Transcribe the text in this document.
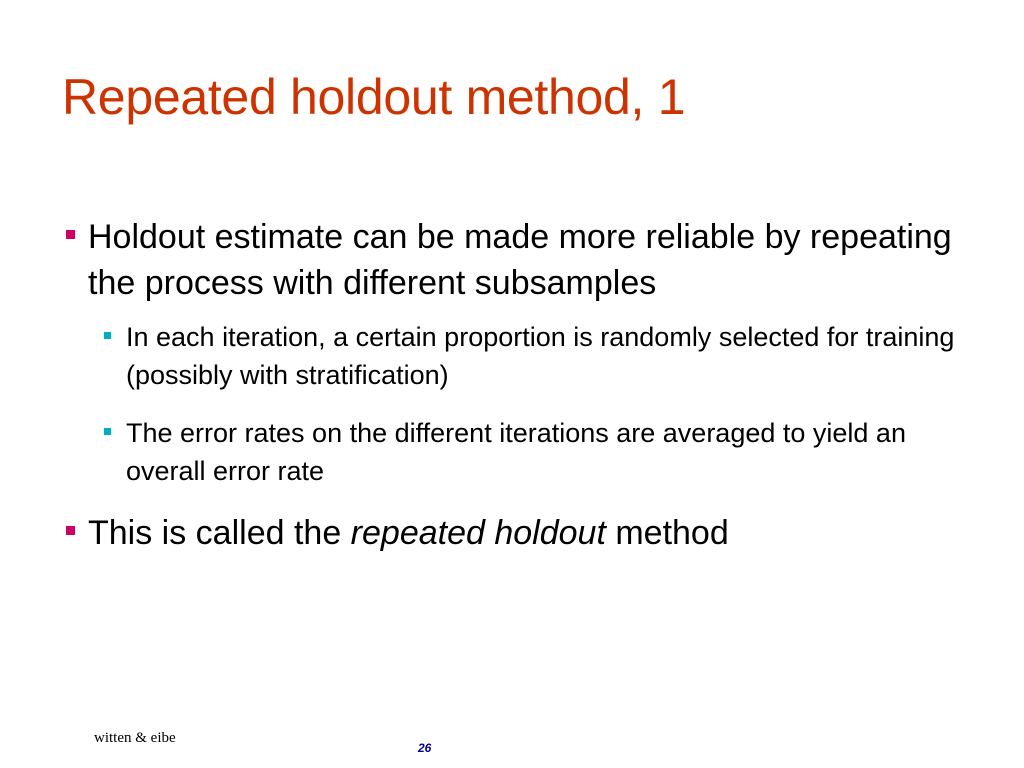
Repeated holdout method, 1
Holdout estimate can be made more reliable by repeating the process with different subsamples
In each iteration, a certain proportion is randomly selected for training (possibly with stratification)
The error rates on the different iterations are averaged to yield an overall error rate
This is called the repeated holdout method
witten & eibe
26
